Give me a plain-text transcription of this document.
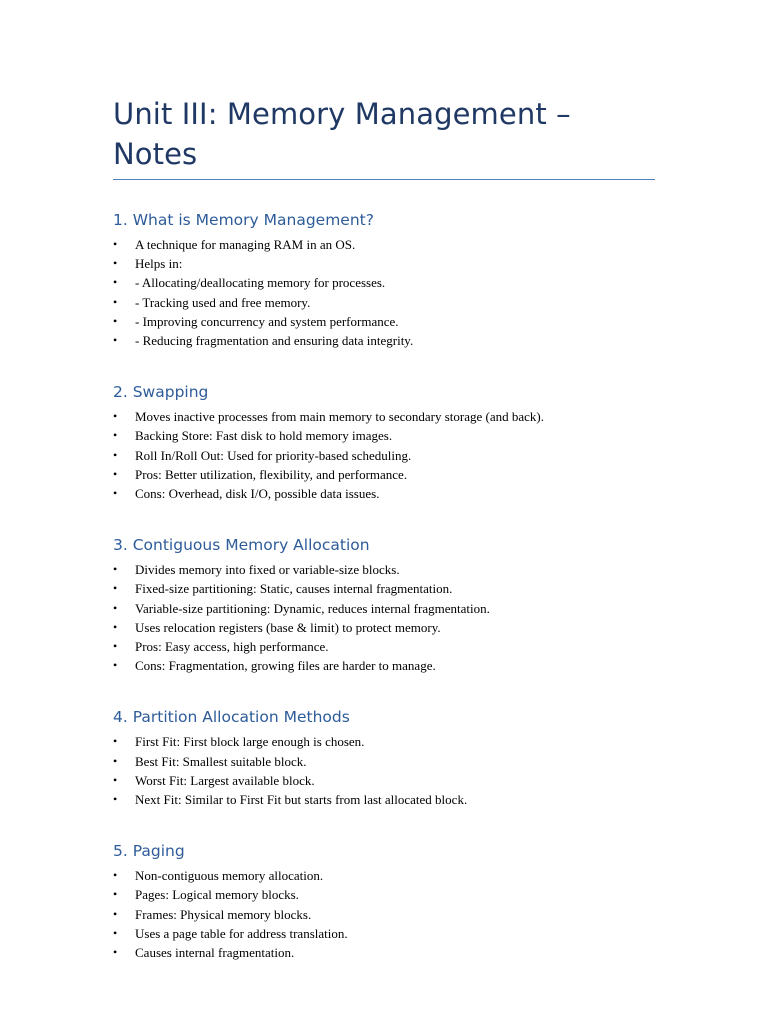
Unit III: Memory Management – Notes
1. What is Memory Management?
• A technique for managing RAM in an OS.
• Helps in:
• - Allocating/deallocating memory for processes.
• - Tracking used and free memory.
• - Improving concurrency and system performance.
• - Reducing fragmentation and ensuring data integrity.
2. Swapping
• Moves inactive processes from main memory to secondary storage (and back).
• Backing Store: Fast disk to hold memory images.
• Roll In/Roll Out: Used for priority-based scheduling.
• Pros: Better utilization, flexibility, and performance.
• Cons: Overhead, disk I/O, possible data issues.
3. Contiguous Memory Allocation
• Divides memory into fixed or variable-size blocks.
• Fixed-size partitioning: Static, causes internal fragmentation.
• Variable-size partitioning: Dynamic, reduces internal fragmentation.
• Uses relocation registers (base & limit) to protect memory.
• Pros: Easy access, high performance.
• Cons: Fragmentation, growing files are harder to manage.
4. Partition Allocation Methods
• First Fit: First block large enough is chosen.
• Best Fit: Smallest suitable block.
• Worst Fit: Largest available block.
• Next Fit: Similar to First Fit but starts from last allocated block.
5. Paging
• Non-contiguous memory allocation.
• Pages: Logical memory blocks.
• Frames: Physical memory blocks.
• Uses a page table for address translation.
• Causes internal fragmentation.
